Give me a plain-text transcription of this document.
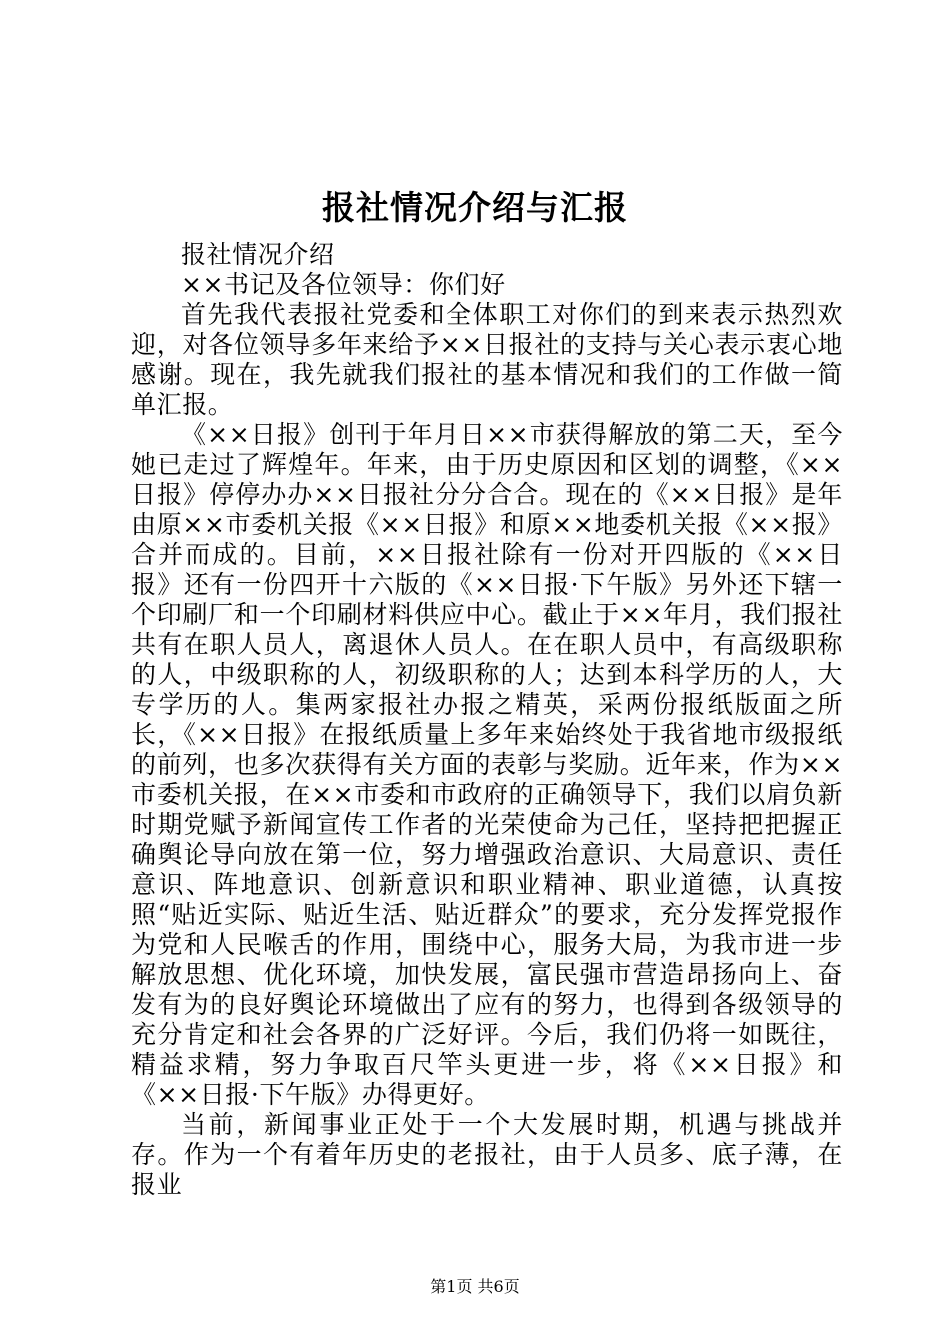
报社情况介绍与汇报

报社情况介绍

××书记及各位领导：你们好

首先我代表报社党委和全体职工对你们的到来表示热烈欢迎，对各位领导多年来给予××日报社的支持与关心表示衷心地感谢。现在，我先就我们报社的基本情况和我们的工作做一简单汇报。

《××日报》创刊于年月日××市获得解放的第二天，至今她已走过了辉煌年。年来，由于历史原因和区划的调整，《××日报》停停办办××日报社分分合合。现在的《××日报》是年由原××市委机关报《××日报》和原××地委机关报《××报》合并而成的。目前，××日报社除有一份对开四版的《××日报》还有一份四开十六版的《××日报·下午版》另外还下辖一个印刷厂和一个印刷材料供应中心。截止于××年月，我们报社共有在职人员人，离退休人员人。在在职人员中，有高级职称的人，中级职称的人，初级职称的人；达到本科学历的人，大专学历的人。集两家报社办报之精英，采两份报纸版面之所长，《××日报》在报纸质量上多年来始终处于我省地市级报纸的前列，也多次获得有关方面的表彰与奖励。近年来，作为××市委机关报，在××市委和市政府的正确领导下，我们以肩负新时期党赋予新闻宣传工作者的光荣使命为己任，坚持把把握正确舆论导向放在第一位，努力增强政治意识、大局意识、责任意识、阵地意识、创新意识和职业精神、职业道德，认真按照“贴近实际、贴近生活、贴近群众”的要求，充分发挥党报作为党和人民喉舌的作用，围绕中心，服务大局，为我市进一步解放思想、优化环境，加快发展，富民强市营造昂扬向上、奋发有为的良好舆论环境做出了应有的努力，也得到各级领导的充分肯定和社会各界的广泛好评。今后，我们仍将一如既往，精益求精，努力争取百尺竿头更进一步，将《××日报》和《××日报·下午版》办得更好。

当前，新闻事业正处于一个大发展时期，机遇与挑战并存。作为一个有着年历史的老报社，由于人员多、底子薄，在报业

第1页 共6页
